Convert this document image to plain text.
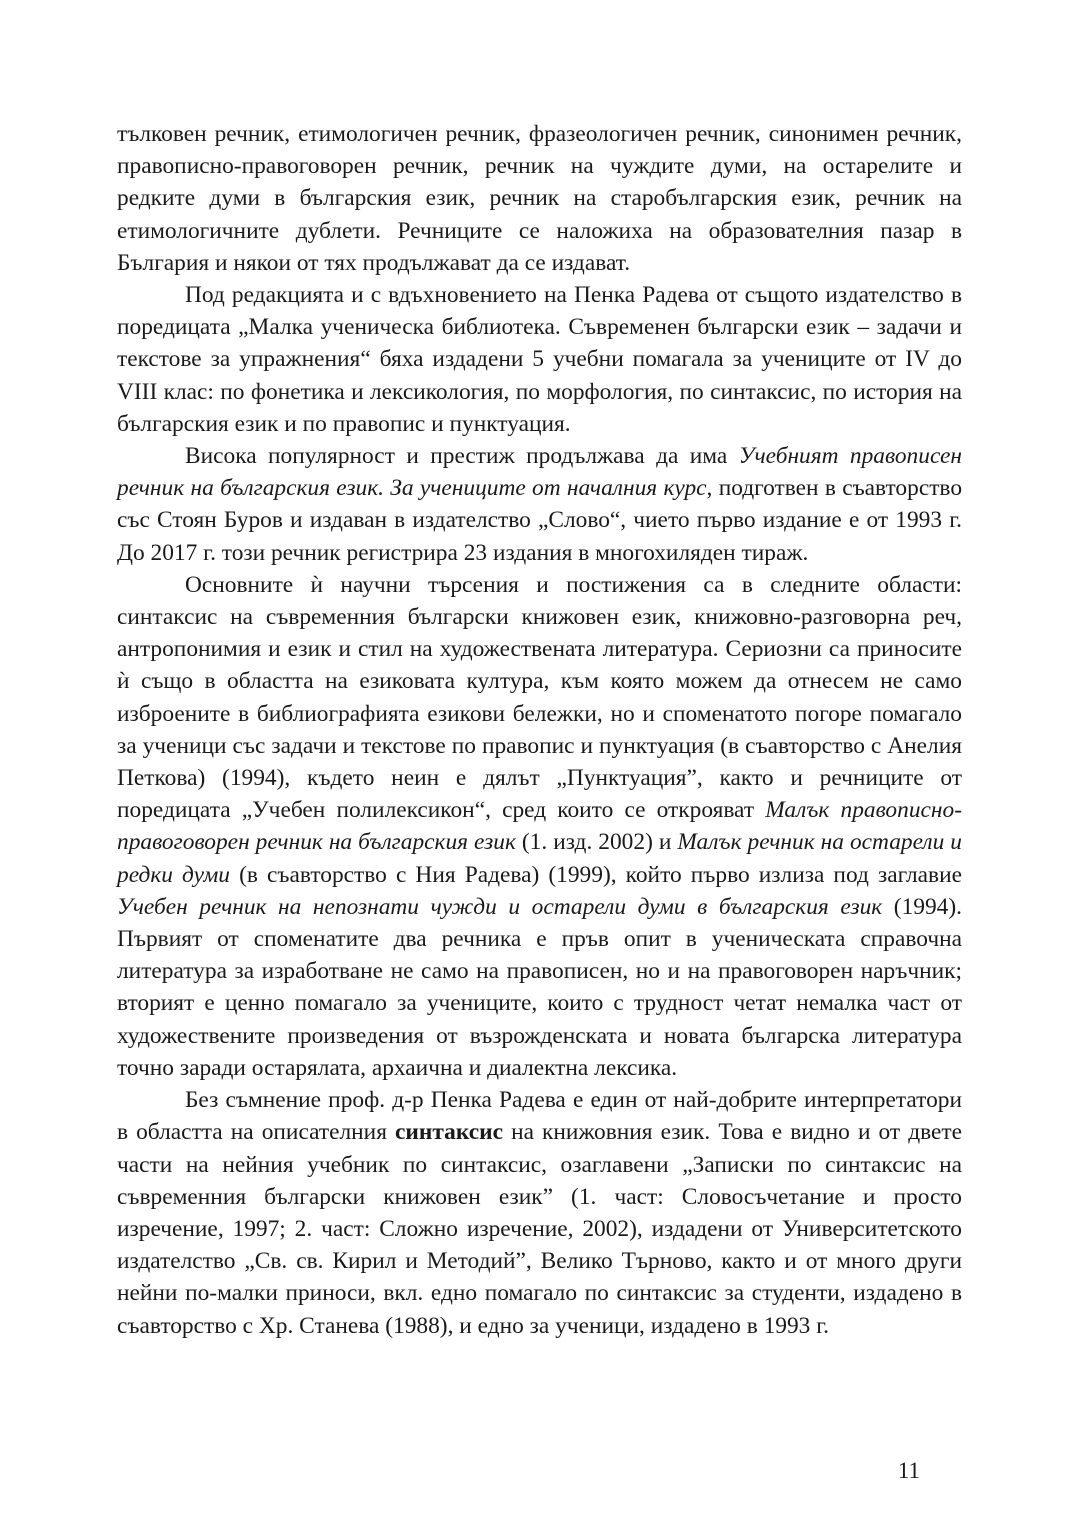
тълковен речник, етимологичен речник, фразеологичен речник, синонимен речник, правописно-правоговорен речник, речник на чуждите думи, на остарелите и редките думи в българския език, речник на старобългарския език, речник на етимологичните дублети. Речниците се наложиха на образователния пазар в България и някои от тях продължават да се издават.

Под редакцията и с вдъхновението на Пенка Радева от същото издателство в поредицата „Малка ученическа библиотека. Съвременен български език – задачи и текстове за упражнения“ бяха издадени 5 учебни помагала за учениците от IV до VIII клас: по фонетика и лексикология, по морфология, по синтаксис, по история на българския език и по правопис и пунктуация.

Висока популярност и престиж продължава да има Учебният правописен речник на българския език. За учениците от началния курс, подготвен в съавторство със Стоян Буров и издаван в издателство „Слово“, чието първо издание е от 1993 г. До 2017 г. този речник регистрира 23 издания в многохиляден тираж.

Основните ѝ научни търсения и постижения са в следните области: синтаксис на съвременния български книжовен език, книжовно-разговорна реч, антропонимия и език и стил на художествената литература. Сериозни са приносите ѝ също в областта на езиковата култура, към която можем да отнесем не само изброените в библиографията езикови бележки, но и споменатото погоре помагало за ученици със задачи и текстове по правопис и пунктуация (в съавторство с Анелия Петкова) (1994), където неин е дялът „Пунктуация”, както и речниците от поредицата „Учебен полилексикон“, сред които се открояват Малък правописно-правоговорен речник на българския език (1. изд. 2002) и Малък речник на остарели и редки думи (в съавторство с Ния Радева) (1999), който първо излиза под заглавие Учебен речник на непознати чужди и остарели думи в българския език (1994). Първият от споменатите два речника е пръв опит в ученическата справочна литература за изработване не само на правописен, но и на правоговорен наръчник; вторият е ценно помагало за учениците, които с трудност четат немалка част от художествените произведения от възрожденската и новата българска литература точно заради остарялата, архаична и диалектна лексика.

Без съмнение проф. д-р Пенка Радева е един от най-добрите интерпретатори в областта на описателния синтаксис на книжовния език. Това е видно и от двете части на нейния учебник по синтаксис, озаглавени „Записки по синтаксис на съвременния български книжовен език” (1. част: Словосъчетание и просто изречение, 1997; 2. част: Сложно изречение, 2002), издадени от Университетското издателство „Св. св. Кирил и Методий”, Велико Търново, както и от много други нейни по-малки приноси, вкл. едно помагало по синтаксис за студенти, издадено в съавторство с Хр. Станева (1988), и едно за ученици, издадено в 1993 г.

11
